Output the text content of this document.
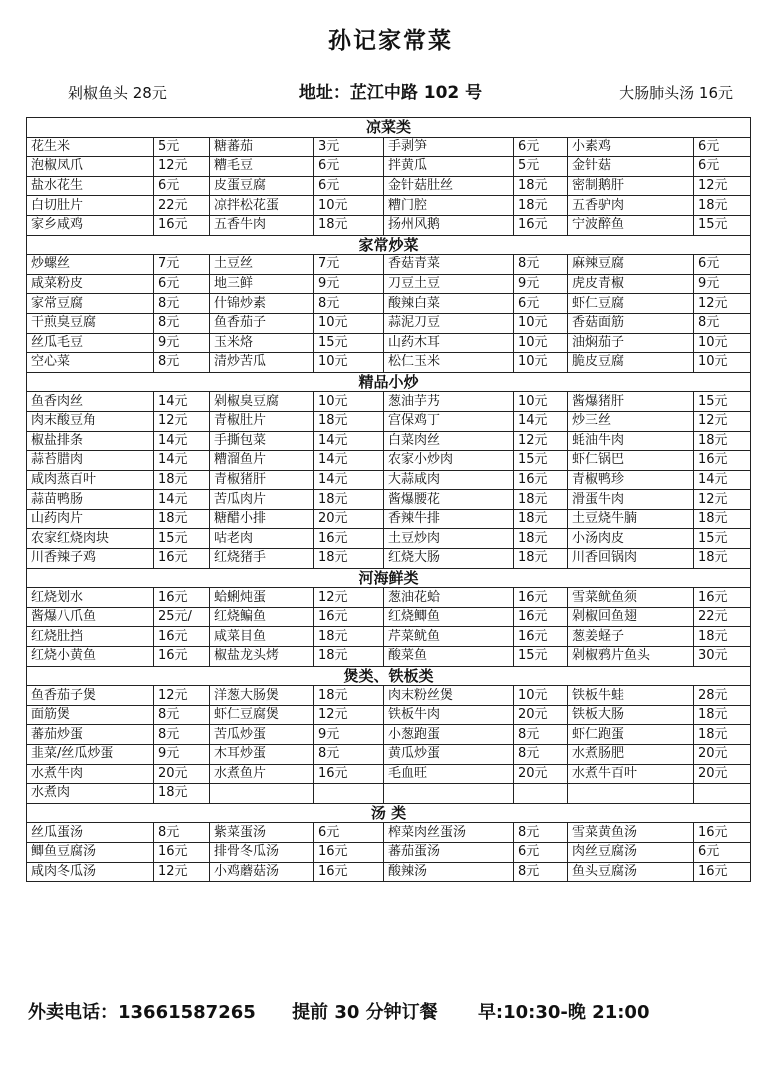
孙记家常菜
剁椒鱼头 28元	地址：芷江中路 102 号	大肠肺头汤 16元
凉菜类							
花生米	5元	糖蕃茄	3元	手剥笋	6元	小素鸡	6元
泡椒凤爪	12元	糟毛豆	6元	拌黄瓜	5元	金针菇	6元
盐水花生	6元	皮蛋豆腐	6元	金针菇肚丝	18元	密制鹅肝	12元
白切肚片	22元	凉拌松花蛋	10元	糟门腔	18元	五香驴肉	18元
家乡咸鸡	16元	五香牛肉	18元	扬州风鹅	16元	宁波醉鱼	15元
家常炒菜							
炒螺丝	7元	土豆丝	7元	香菇青菜	8元	麻辣豆腐	6元
咸菜粉皮	6元	地三鲜	9元	刀豆土豆	9元	虎皮青椒	9元
家常豆腐	8元	什锦炒素	8元	酸辣白菜	6元	虾仁豆腐	12元
干煎臭豆腐	8元	鱼香茄子	10元	蒜泥刀豆	10元	香菇面筋	8元
丝瓜毛豆	9元	玉米烙	15元	山药木耳	10元	油焖茄子	10元
空心菜	8元	清炒苦瓜	10元	松仁玉米	10元	脆皮豆腐	10元
精品小炒							
鱼香肉丝	14元	剁椒臭豆腐	10元	葱油芋艿	10元	酱爆猪肝	15元
肉末酸豆角	12元	青椒肚片	18元	宫保鸡丁	14元	炒三丝	12元
椒盐排条	14元	手撕包菜	14元	白菜肉丝	12元	蚝油牛肉	18元
蒜苔腊肉	14元	糟溜鱼片	14元	农家小炒肉	15元	虾仁锅巴	16元
咸肉蒸百叶	18元	青椒猪肝	14元	大蒜咸肉	16元	青椒鸭珍	14元
蒜苗鸭肠	14元	苦瓜肉片	18元	酱爆腰花	18元	滑蛋牛肉	12元
山药肉片	18元	糖醋小排	20元	香辣牛排	18元	土豆烧牛腩	18元
农家红烧肉块	15元	咕老肉	16元	土豆炒肉	18元	小汤肉皮	15元
川香辣子鸡	16元	红烧猪手	18元	红烧大肠	18元	川香回锅肉	18元
河海鲜类							
红烧划水	16元	蛤蜊炖蛋	12元	葱油花蛤	16元	雪菜鱿鱼须	16元
酱爆八爪鱼	25元/	红烧鳊鱼	16元	红烧鲫鱼	16元	剁椒回鱼翅	22元
红烧肚挡	16元	咸菜目鱼	18元	芹菜鱿鱼	16元	葱姜蛏子	18元
红烧小黄鱼	16元	椒盐龙头烤	18元	酸菜鱼	15元	剁椒鸦片鱼头	30元
煲类、铁板类							
鱼香茄子煲	12元	洋葱大肠煲	18元	肉末粉丝煲	10元	铁板牛蛙	28元
面筋煲	8元	虾仁豆腐煲	12元	铁板牛肉	20元	铁板大肠	18元
蕃茄炒蛋	8元	苦瓜炒蛋	9元	小葱跑蛋	8元	虾仁跑蛋	18元
韭菜/丝瓜炒蛋	9元	木耳炒蛋	8元	黄瓜炒蛋	8元	水煮肠肥	20元
水煮牛肉	20元	水煮鱼片	16元	毛血旺	20元	水煮牛百叶	20元
水煮肉	18元						
汤 类							
丝瓜蛋汤	8元	紫菜蛋汤	6元	榨菜肉丝蛋汤	8元	雪菜黄鱼汤	16元
鲫鱼豆腐汤	16元	排骨冬瓜汤	16元	蕃茄蛋汤	6元	肉丝豆腐汤	6元
咸肉冬瓜汤	12元	小鸡蘑菇汤	16元	酸辣汤	8元	鱼头豆腐汤	16元
外卖电话：13661587265 提前 30 分钟订餐 早:10:30-晚 21:00
